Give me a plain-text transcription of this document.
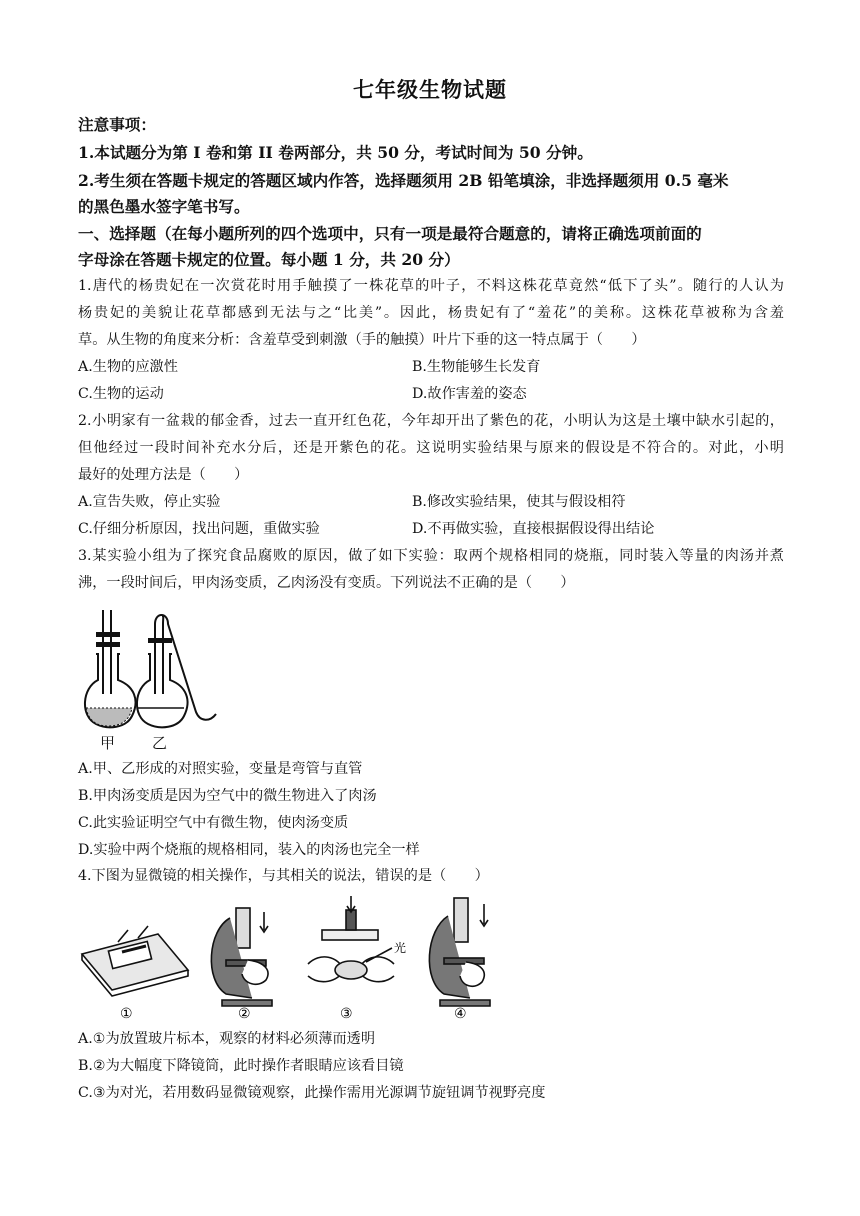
七年级生物试题
注意事项：
1.本试题分为第 I 卷和第 II 卷两部分，共 50 分，考试时间为 50 分钟。
2.考生须在答题卡规定的答题区域内作答，选择题须用 2B 铅笔填涂，非选择题须用 0.5 毫米
的黑色墨水签字笔书写。
一、选择题（在每小题所列的四个选项中，只有一项是最符合题意的，请将正确选项前面的
字母涂在答题卡规定的位置。每小题 1 分，共 20 分）
1.唐代的杨贵妃在一次赏花时用手触摸了一株花草的叶子，不料这株花草竟然“低下了头”。随行的人认为
杨贵妃的美貌让花草都感到无法与之“比美”。因此，杨贵妃有了“羞花”的美称。这株花草被称为含羞
草。从生物的角度来分析：含羞草受到刺激（手的触摸）叶片下垂的这一特点属于（　　）
A.生物的应激性	B.生物能够生长发育
C.生物的运动	D.故作害羞的姿态
2.小明家有一盆栽的郁金香，过去一直开红色花，今年却开出了紫色的花，小明认为这是土壤中缺水引起的，
但他经过一段时间补充水分后，还是开紫色的花。这说明实验结果与原来的假设是不符合的。对此，小明
最好的处理方法是（　　）
A.宣告失败，停止实验	B.修改实验结果，使其与假设相符
C.仔细分析原因，找出问题，重做实验	D.不再做实验，直接根据假设得出结论
3.某实验小组为了探究食品腐败的原因，做了如下实验：取两个规格相同的烧瓶，同时装入等量的肉汤并煮
沸，一段时间后，甲肉汤变质，乙肉汤没有变质。下列说法不正确的是（　　）
甲 乙
A.甲、乙形成的对照实验，变量是弯管与直管
B.甲肉汤变质是因为空气中的微生物进入了肉汤
C.此实验证明空气中有微生物，使肉汤变质
D.实验中两个烧瓶的规格相同，装入的肉汤也完全一样
4.下图为显微镜的相关操作，与其相关的说法，错误的是（　　）
①	②
光
③	④
A.①为放置玻片标本，观察的材料必须薄而透明
B.②为大幅度下降镜筒，此时操作者眼睛应该看目镜
C.③为对光，若用数码显微镜观察，此操作需用光源调节旋钮调节视野亮度
